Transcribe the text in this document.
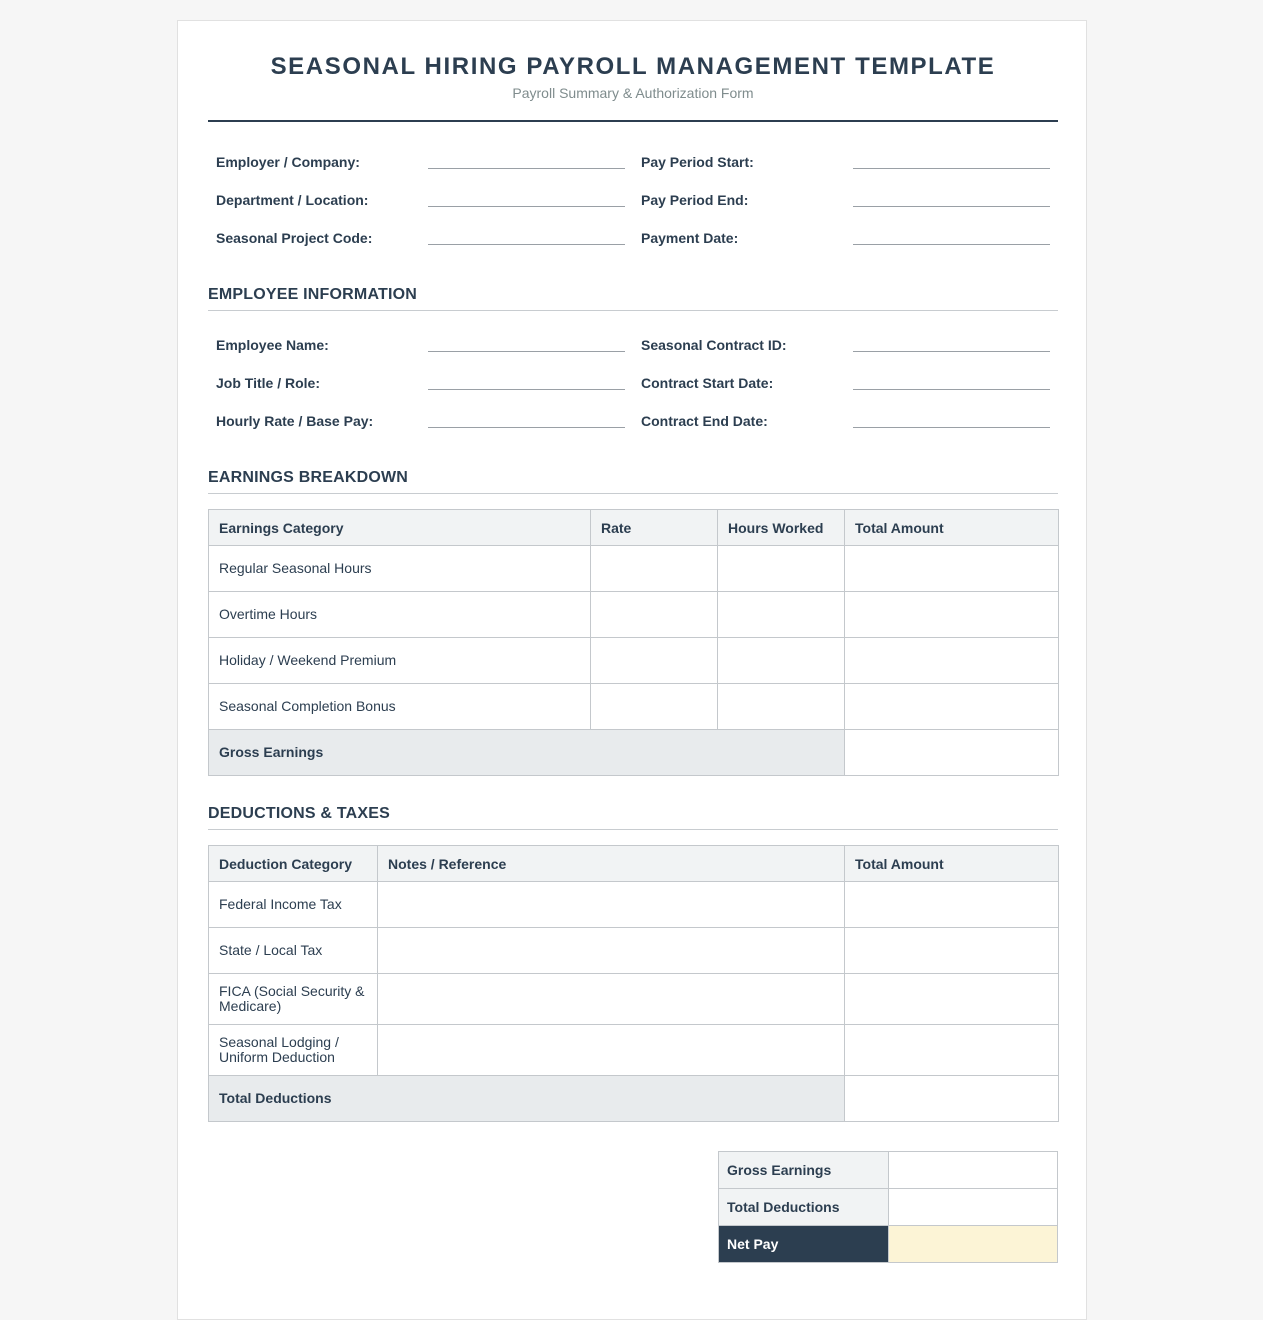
SEASONAL HIRING PAYROLL MANAGEMENT TEMPLATE
Payroll Summary & Authorization Form
Employer / Company:	Pay Period Start:
Department / Location:	Pay Period End:
Seasonal Project Code:	Payment Date:
EMPLOYEE INFORMATION
Employee Name:	Seasonal Contract ID:
Job Title / Role:	Contract Start Date:
Hourly Rate / Base Pay:	Contract End Date:
EARNINGS BREAKDOWN
Earnings Category	Rate	Hours Worked	Total Amount
Regular Seasonal Hours			
Overtime Hours			
Holiday / Weekend Premium			
Seasonal Completion Bonus			
Gross Earnings			
DEDUCTIONS & TAXES
Deduction Category	Notes / Reference	Total Amount
Federal Income Tax		
State / Local Tax		
FICA (Social Security & Medicare)		
Seasonal Lodging / Uniform Deduction		
Total Deductions		
Gross Earnings	
Total Deductions	
Net Pay	
